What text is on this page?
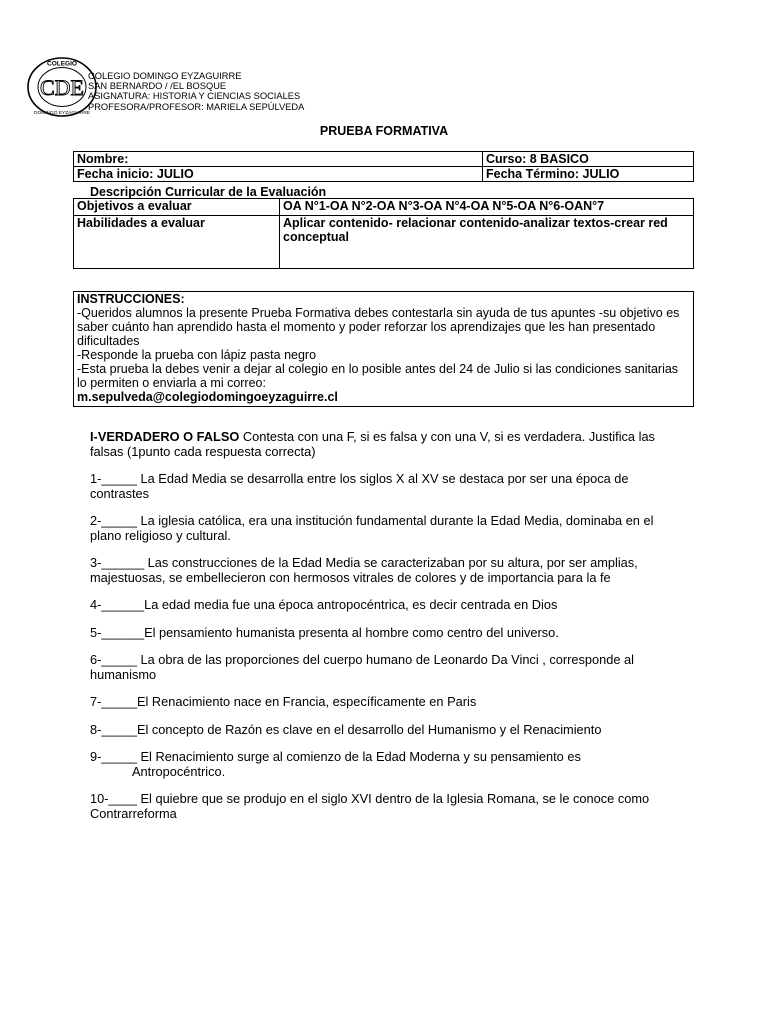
COLEGIO
CDE
DOMINGO EYZAGUIRRE
COLEGIO DOMINGO EYZAGUIRRE
SAN BERNARDO / /EL BOSQUE
ASIGNATURA: HISTORIA Y CIENCIAS SOCIALES
PROFESORA/PROFESOR: MARIELA SEPÚLVEDA
PRUEBA FORMATIVA
Nombre:	Curso: 8 BASICO
Fecha inicio: JULIO	Fecha Término: JULIO
Descripción Curricular de la Evaluación
Objetivos a evaluar	OA N°1-OA N°2-OA N°3-OA N°4-OA N°5-OA N°6-OAN°7
Habilidades a evaluar	Aplicar contenido- relacionar contenido-analizar textos-crear red conceptual
INSTRUCCIONES:
-Queridos alumnos la presente Prueba Formativa debes contestarla sin ayuda de tus apuntes -su objetivo es saber cuánto han aprendido hasta el momento y poder reforzar los aprendizajes que les han presentado dificultades
-Responde la prueba con lápiz pasta negro
-Esta prueba la debes venir a dejar al colegio en lo posible antes del 24 de Julio si las condiciones sanitarias lo permiten o enviarla a mi correo:
m.sepulveda@colegiodomingoeyzaguirre.cl

I-VERDADERO O FALSO Contesta con una F, si es falsa y con una V, si es verdadera. Justifica las falsas (1punto cada respuesta correcta)

1-_____ La Edad Media se desarrolla entre los siglos X al XV se destaca por ser una época de contrastes

2-_____ La iglesia católica, era una institución fundamental durante la Edad Media, dominaba en el plano religioso y cultural.

3-______ Las construcciones de la Edad Media se caracterizaban por su altura, por ser amplias, majestuosas, se embellecieron con hermosos vitrales de colores y de importancia para la fe

4-______La edad media fue una época antropocéntrica, es decir centrada en Dios

5-______El pensamiento humanista presenta al hombre como centro del universo.

6-_____ La obra de las proporciones del cuerpo humano de Leonardo Da Vinci , corresponde al humanismo

7-_____El Renacimiento nace en Francia, específicamente en Paris

8-_____El concepto de Razón es clave en el desarrollo del Humanismo y el Renacimiento

9-_____ El Renacimiento surge al comienzo de la Edad Moderna y su pensamiento es
Antropocéntrico.

10-____ El quiebre que se produjo en el siglo XVI dentro de la Iglesia Romana, se le conoce como Contrarreforma
